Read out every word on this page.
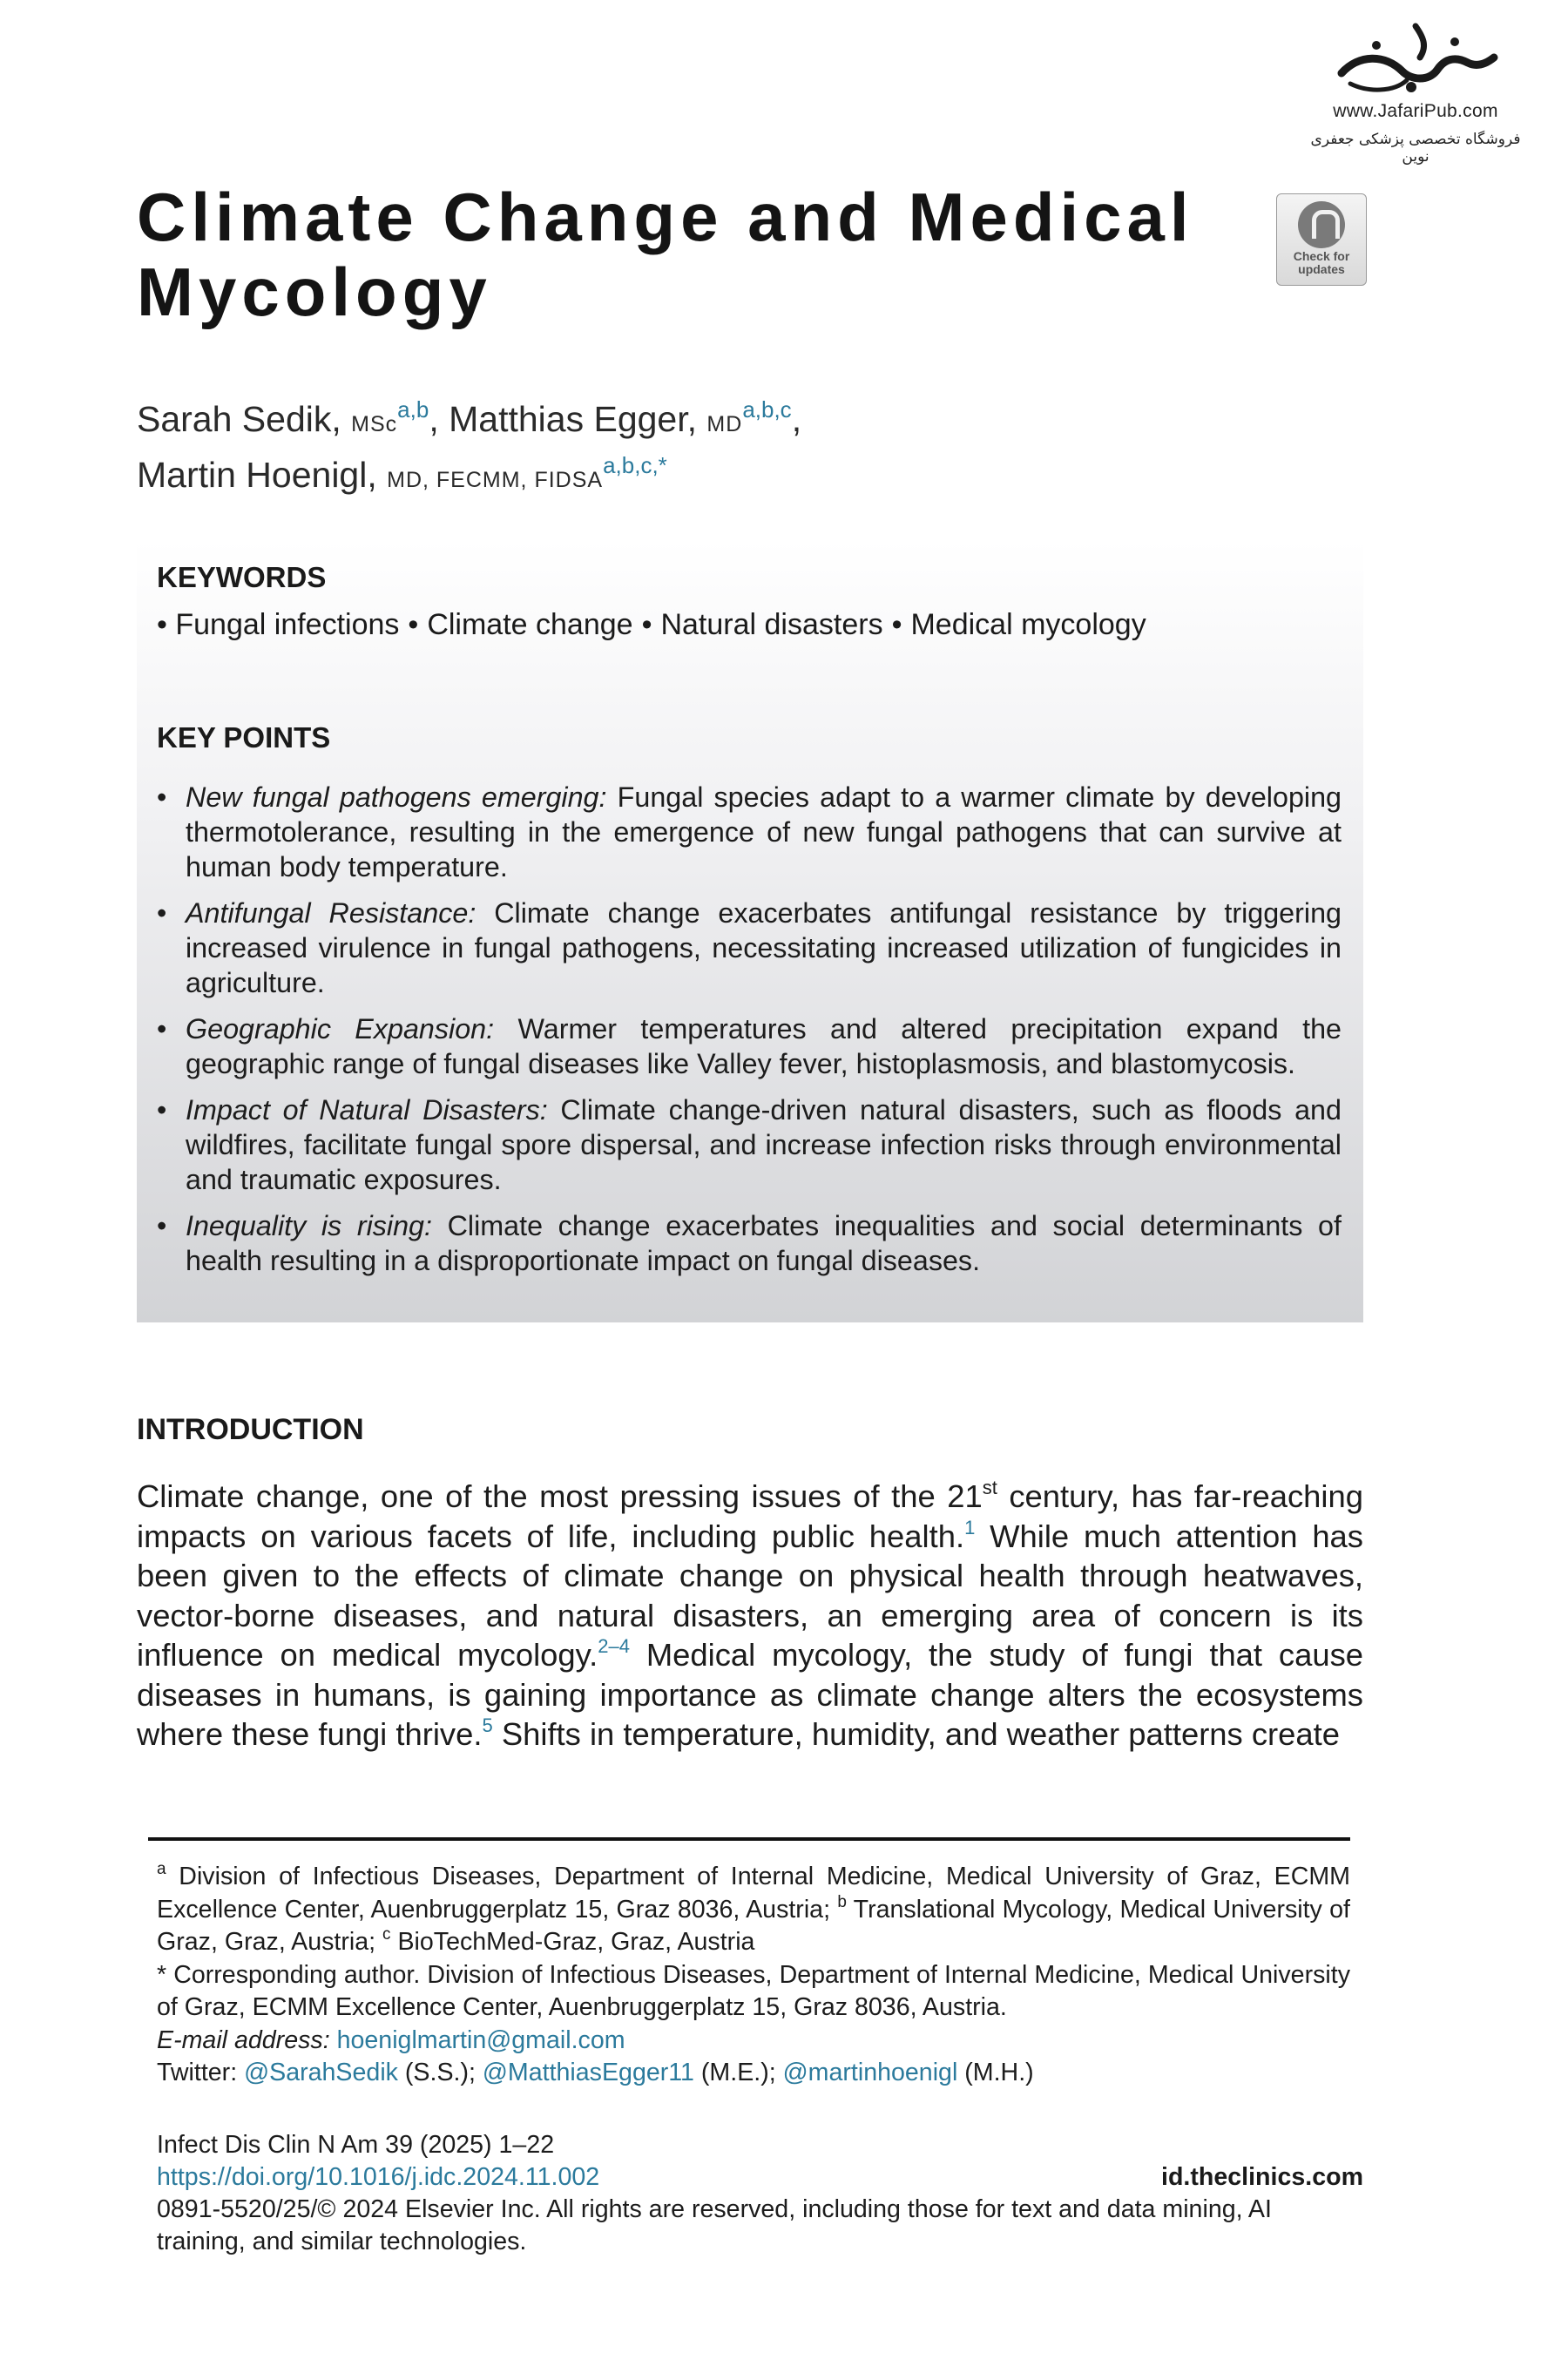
www.JafariPub.com
فروشگاه تخصصی پزشکی جعفری نوین
Check for
updates
Climate Change and Medical Mycology
Sarah Sedik, MSc$^{a,b}$, Matthias Egger, MD$^{a,b,c}$,
Martin Hoenigl, MD, FECMM, $FIDSA^{a,b,c,*}$
KEYWORDS
• Fungal infections • Climate change • Natural disasters • Medical mycology
KEY POINTS
• New fungal pathogens emerging: Fungal species adapt to a warmer climate by developing thermotolerance, resulting in the emergence of new fungal pathogens that can survive at human body temperature.
• Antifungal Resistance: Climate change exacerbates antifungal resistance by triggering increased virulence in fungal pathogens, necessitating increased utilization of fungicides in agriculture.
• Geographic Expansion: Warmer temperatures and altered precipitation expand the geographic range of fungal diseases like Valley fever, histoplasmosis, and blastomycosis.
• Impact of Natural Disasters: Climate change-driven natural disasters, such as floods and wildfires, facilitate fungal spore dispersal, and increase infection risks through environmental and traumatic exposures.
• Inequality is rising: Climate change exacerbates inequalities and social determinants of health resulting in a disproportionate impact on fungal diseases.
INTRODUCTION

Climate change, one of the most pressing issues of the 21st century, has far-reaching impacts on various facets of life, including public health.$^1$ While much attention has been given to the effects of climate change on physical health through heatwaves, vector-borne diseases, and natural disasters, an emerging area of concern is its influence on medical mycology.$^{2-4}$ Medical mycology, the study of fungi that cause diseases in humans, is gaining importance as climate change alters the ecosystems where these fungi thrive.$^5$ Shifts in temperature, humidity, and weather patterns create

$^a$ Division of Infectious Diseases, Department of Internal Medicine, Medical University of Graz, ECMM Excellence Center, Auenbruggerplatz 15, Graz 8036, Austria; $^b$ Translational Mycology, Medical University of Graz, Graz, Austria; $^c$ BioTechMed-Graz, Graz, Austria

* Corresponding author. Division of Infectious Diseases, Department of Internal Medicine, Medical University of Graz, ECMM Excellence Center, Auenbruggerplatz 15, Graz 8036, Austria.

E-mail address: hoeniglmartin@gmail.com

Twitter: @SarahSedik (S.S.); @MatthiasEgger11 (M.E.); @martinhoenigl (M.H.)

Infect Dis Clin N Am 39 (2025) 1–22

https://doi.org/10.1016/j.idc.2024.11.002	id.theclinics.com

0891-5520/25/© 2024 Elsevier Inc. All rights are reserved, including those for text and data mining, AI training, and similar technologies.
